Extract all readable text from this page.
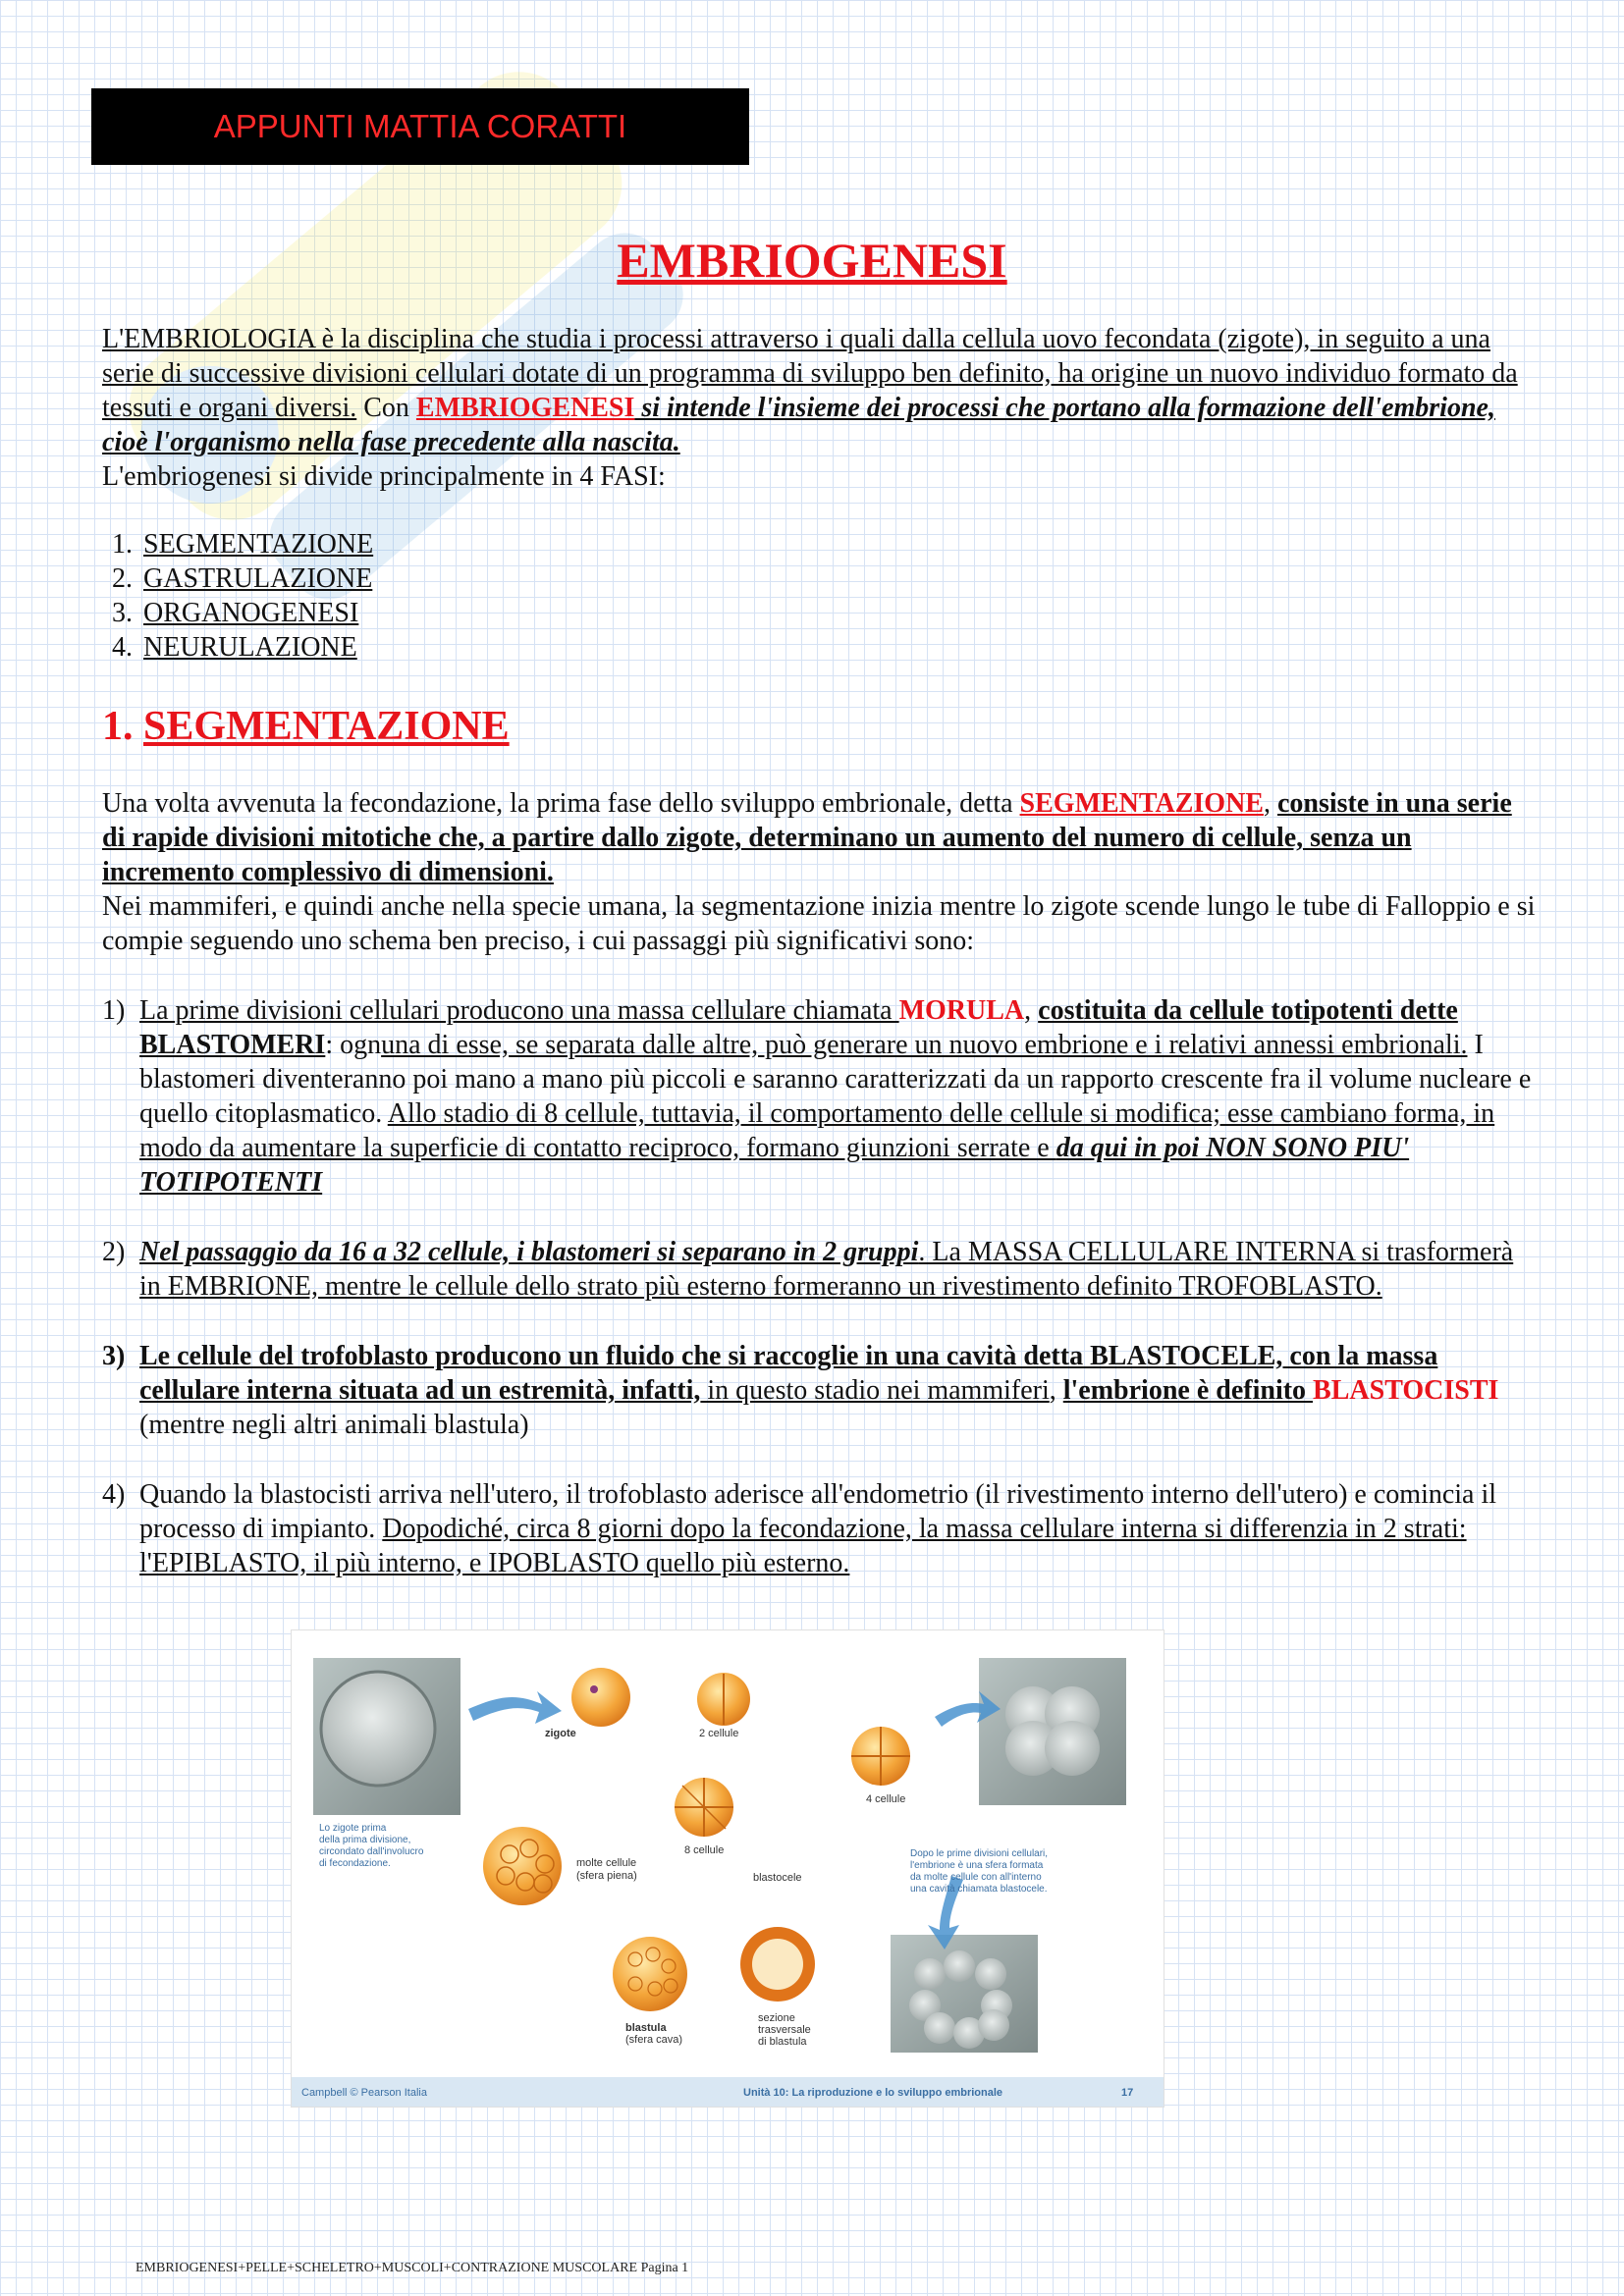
APPUNTI MATTIA CORATTI
EMBRIOGENESI

L'EMBRIOLOGIA è la disciplina che studia i processi attraverso i quali dalla cellula uovo fecondata (zigote), in seguito a una serie di successive divisioni cellulari dotate di un programma di sviluppo ben definito, ha origine un nuovo individuo formato da tessuti e organi diversi. Con EMBRIOGENESI si intende l'insieme dei processi che portano alla formazione dell'embrione, cioè l'organismo nella fase precedente alla nascita.

L'embriogenesi si divide principalmente in 4 FASI:

1. SEGMENTAZIONE
2. GASTRULAZIONE
3. ORGANOGENESI
4. NEURULAZIONE
1. SEGMENTAZIONE

Una volta avvenuta la fecondazione, la prima fase dello sviluppo embrionale, detta SEGMENTAZIONE, consiste in una serie di rapide divisioni mitotiche che, a partire dallo zigote, determinano un aumento del numero di cellule, senza un incremento complessivo di dimensioni.

Nei mammiferi, e quindi anche nella specie umana, la segmentazione inizia mentre lo zigote scende lungo le tube di Falloppio e si compie seguendo uno schema ben preciso, i cui passaggi più significativi sono:

1) La prime divisioni cellulari producono una massa cellulare chiamata MORULA, costituita da cellule totipotenti dette BLASTOMERI: ognuna di esse, se separata dalle altre, può generare un nuovo embrione e i relativi annessi embrionali. I blastomeri diventeranno poi mano a mano più piccoli e saranno caratterizzati da un rapporto crescente fra il volume nucleare e quello citoplasmatico. Allo stadio di 8 cellule, tuttavia, il comportamento delle cellule si modifica; esse cambiano forma, in modo da aumentare la superficie di contatto reciproco, formano giunzioni serrate e da qui in poi NON SONO PIU' TOTIPOTENTI
2) Nel passaggio da 16 a 32 cellule, i blastomeri si separano in 2 gruppi. La MASSA CELLULARE INTERNA si trasformerà in EMBRIONE, mentre le cellule dello strato più esterno formeranno un rivestimento definito TROFOBLASTO.
3) Le cellule del trofoblasto producono un fluido che si raccoglie in una cavità detta BLASTOCELE, con la massa cellulare interna situata ad un estremità, infatti, in questo stadio nei mammiferi, l'embrione è definito BLASTOCISTI (mentre negli altri animali blastula)
4) Quando la blastocisti arriva nell'utero, il trofoblasto aderisce all'endometrio (il rivestimento interno dell'utero) e comincia il processo di impianto. Dopodiché, circa 8 giorni dopo la fecondazione, la massa cellulare interna si differenzia in 2 strati: l'EPIBLASTO, il più interno, e IPOBLASTO quello più esterno.
zigote	2 cellule
4 cellule
8 cellule
molte cellule
(sfera piena)	blastocele
blastula
(sfera cava)
sezione
trasversale
di blastula
Lo zigote prima
della prima divisione,
circondato dall'involucro
di fecondazione.
Dopo le prime divisioni cellulari,
l'embrione è una sfera formata
da molte cellule con all'interno
una cavità chiamata blastocele.
Campbell © Pearson Italia	Unità 10: La riproduzione e lo sviluppo embrionale	17
EMBRIOGENESI+PELLE+SCHELETRO+MUSCOLI+CONTRAZIONE MUSCOLARE Pagina 1
